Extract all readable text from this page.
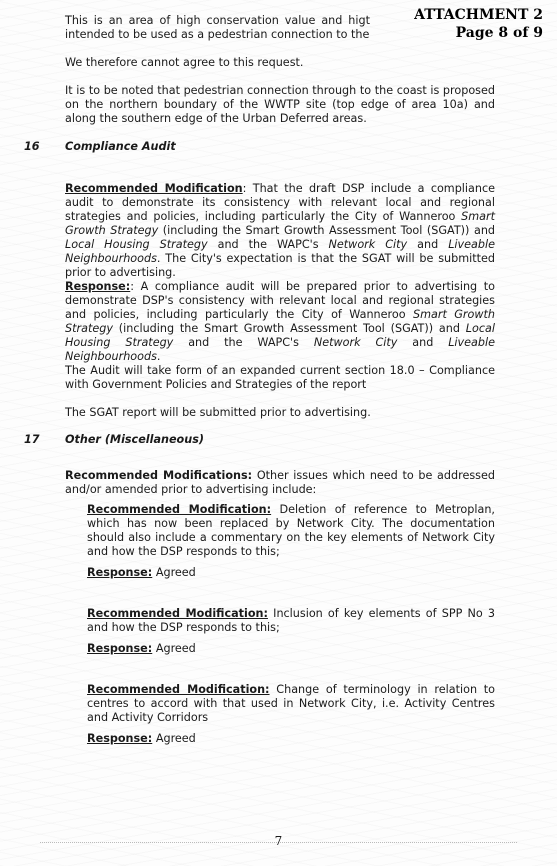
ATTACHMENT 2
Page 8 of 9
This is an area of high conservation value and higt intended to be used as a pedestrian connection to the
We therefore cannot agree to this request.
It is to be noted that pedestrian connection through to the coast is proposed on the northern boundary of the WWTP site (top edge of area 10a) and along the southern edge of the Urban Deferred areas.
16 Compliance Audit
Recommended Modification: That the draft DSP include a compliance audit to demonstrate its consistency with relevant local and regional strategies and policies, including particularly the City of Wanneroo Smart Growth Strategy (including the Smart Growth Assessment Tool (SGAT)) and Local Housing Strategy and the WAPC's Network City and Liveable Neighbourhoods. The City's expectation is that the SGAT will be submitted prior to advertising.
Response:: A compliance audit will be prepared prior to advertising to demonstrate DSP's consistency with relevant local and regional strategies and policies, including particularly the City of Wanneroo Smart Growth Strategy (including the Smart Growth Assessment Tool (SGAT)) and Local Housing Strategy and the WAPC's Network City and Liveable Neighbourhoods.
The Audit will take form of an expanded current section 18.0 – Compliance with Government Policies and Strategies of the report
The SGAT report will be submitted prior to advertising.
17 Other (Miscellaneous)
Recommended Modifications: Other issues which need to be addressed and/or amended prior to advertising include:
Recommended Modification: Deletion of reference to Metroplan, which has now been replaced by Network City. The documentation should also include a commentary on the key elements of Network City and how the DSP responds to this;
Response: Agreed
Recommended Modification: Inclusion of key elements of SPP No 3 and how the DSP responds to this;
Response: Agreed
Recommended Modification: Change of terminology in relation to centres to accord with that used in Network City, i.e. Activity Centres and Activity Corridors
Response: Agreed
7
